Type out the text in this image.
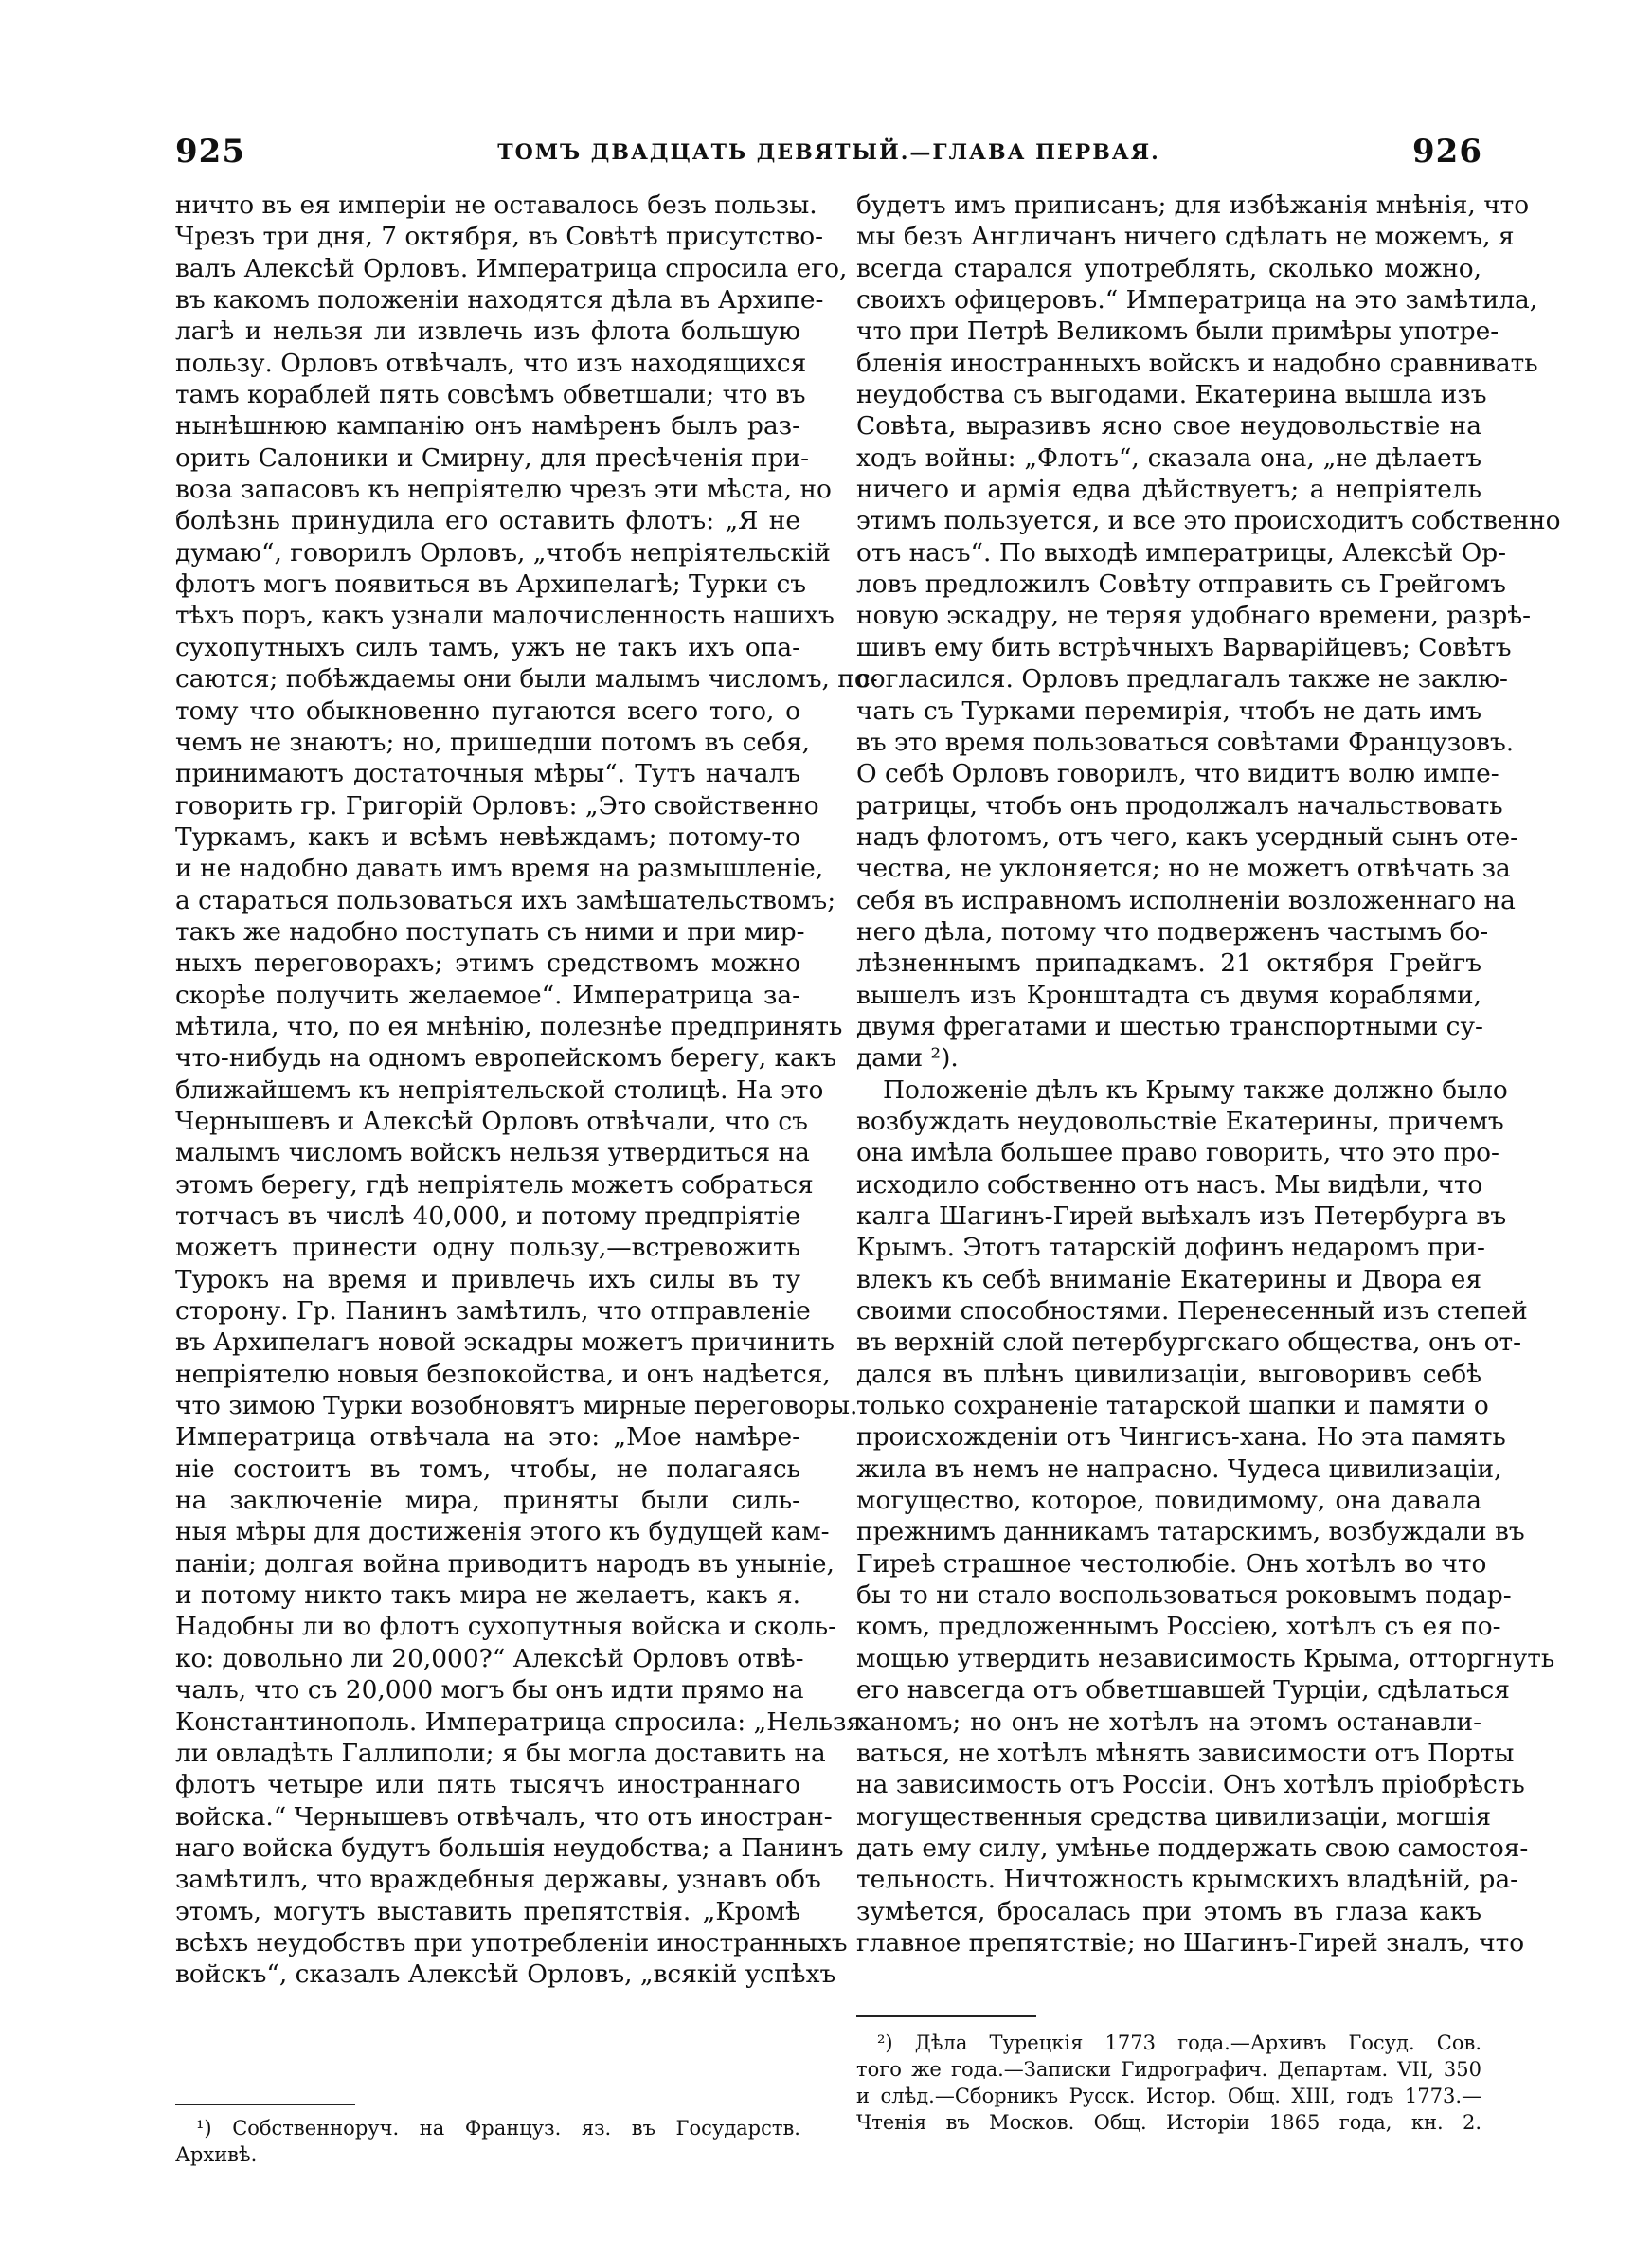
925	ТОМЪ ДВАДЦАТЬ ДЕВЯТЫЙ.—ГЛАВА ПЕРВАЯ.	926
ничто въ ея имперіи не оставалось безъ пользы.
Чрезъ три дня, 7 октября, въ Совѣтѣ присутство-
валъ Алексѣй Орловъ. Императрица спросила его,
въ какомъ положеніи находятся дѣла въ Архипе-
лагѣ и нельзя ли извлечь изъ флота большую
пользу. Орловъ отвѣчалъ, что изъ находящихся
тамъ кораблей пять совсѣмъ обветшали; что въ
нынѣшнюю кампанію онъ намѣренъ былъ раз-
орить Салоники и Смирну, для пресѣченія при-
воза запасовъ къ непріятелю чрезъ эти мѣста, но
болѣзнь принудила его оставить флотъ: „Я не
думаю“, говорилъ Орловъ, „чтобъ непріятельскій
флотъ могъ появиться въ Архипелагѣ; Турки съ
тѣхъ поръ, какъ узнали малочисленность нашихъ
сухопутныхъ силъ тамъ, ужъ не такъ ихъ опа-
саются; побѣждаемы они были малымъ числомъ, по-
тому что обыкновенно пугаются всего того, о
чемъ не знаютъ; но, пришедши потомъ въ себя,
принимаютъ достаточныя мѣры“. Тутъ началъ
говорить гр. Григорій Орловъ: „Это свойственно
Туркамъ, какъ и всѣмъ невѣждамъ; потому-то
и не надобно давать имъ время на размышленіе,
а стараться пользоваться ихъ замѣшательствомъ;
такъ же надобно поступать съ ними и при мир-
ныхъ переговорахъ; этимъ средствомъ можно
скорѣе получить желаемое“. Императрица за-
мѣтила, что, по ея мнѣнію, полезнѣе предпринять
что-нибудь на одномъ европейскомъ берегу, какъ
ближайшемъ къ непріятельской столицѣ. На это
Чернышевъ и Алексѣй Орловъ отвѣчали, что съ
малымъ числомъ войскъ нельзя утвердиться на
этомъ берегу, гдѣ непріятель можетъ собраться
тотчасъ въ числѣ 40,000, и потому предпріятіе
можетъ принести одну пользу,—встревожить
Турокъ на время и привлечь ихъ силы въ ту
сторону. Гр. Панинъ замѣтилъ, что отправленіе
въ Архипелагъ новой эскадры можетъ причинить
непріятелю новыя безпокойства, и онъ надѣется,
что зимою Турки возобновятъ мирные переговоры.
Императрица отвѣчала на это: „Мое намѣре-
ніе состоитъ въ томъ, чтобы, не полагаясь
на заключеніе мира, приняты были силь-
ныя мѣры для достиженія этого къ будущей кам-
паніи; долгая война приводитъ народъ въ уныніе,
и потому никто такъ мира не желаетъ, какъ я.
Надобны ли во флотъ сухопутныя войска и сколь-
ко: довольно ли 20,000?“ Алексѣй Орловъ отвѣ-
чалъ, что съ 20,000 могъ бы онъ идти прямо на
Константинополь. Императрица спросила: „Нельзя
ли овладѣть Галлиполи; я бы могла доставить на
флотъ четыре или пять тысячъ иностраннаго
войска.“ Чернышевъ отвѣчалъ, что отъ иностран-
наго войска будутъ большія неудобства; а Панинъ
замѣтилъ, что враждебныя державы, узнавъ объ
этомъ, могутъ выставить препятствія. „Кромѣ
всѣхъ неудобствъ при употребленіи иностранныхъ
войскъ“, сказалъ Алексѣй Орловъ, „всякій успѣхъ
будетъ имъ приписанъ; для избѣжанія мнѣнія, что
мы безъ Англичанъ ничего сдѣлать не можемъ, я
всегда старался употреблять, сколько можно,
своихъ офицеровъ.“ Императрица на это замѣтила,
что при Петрѣ Великомъ были примѣры употре-
бленія иностранныхъ войскъ и надобно сравнивать
неудобства съ выгодами. Екатерина вышла изъ
Совѣта, выразивъ ясно свое неудовольствіе на
ходъ войны: „Флотъ“, сказала она, „не дѣлаетъ
ничего и армія едва дѣйствуетъ; а непріятель
этимъ пользуется, и все это происходитъ собственно
отъ насъ“. По выходѣ императрицы, Алексѣй Ор-
ловъ предложилъ Совѣту отправить съ Грейгомъ
новую эскадру, не теряя удобнаго времени, разрѣ-
шивъ ему бить встрѣчныхъ Варварійцевъ; Совѣтъ
согласился. Орловъ предлагалъ также не заклю-
чать съ Турками перемирія, чтобъ не дать имъ
въ это время пользоваться совѣтами Французовъ.
О себѣ Орловъ говорилъ, что видитъ волю импе-
ратрицы, чтобъ онъ продолжалъ начальствовать
надъ флотомъ, отъ чего, какъ усердный сынъ оте-
чества, не уклоняется; но не можетъ отвѣчать за
себя въ исправномъ исполненіи возложеннаго на
него дѣла, потому что подверженъ частымъ бо-
лѣзненнымъ припадкамъ. 21 октября Грейгъ
вышелъ изъ Кронштадта съ двумя кораблями,
двумя фрегатами и шестью транспортными су-
дами ²).
Положеніе дѣлъ къ Крыму также должно было
возбуждать неудовольствіе Екатерины, причемъ
она имѣла большее право говорить, что это про-
исходило собственно отъ насъ. Мы видѣли, что
калга Шагинъ-Гирей выѣхалъ изъ Петербурга въ
Крымъ. Этотъ татарскій дофинъ недаромъ при-
влекъ къ себѣ вниманіе Екатерины и Двора ея
своими способностями. Перенесенный изъ степей
въ верхній слой петербургскаго общества, онъ от-
дался въ плѣнъ цивилизаціи, выговоривъ себѣ
только сохраненіе татарской шапки и памяти о
происхожденіи отъ Чингисъ-хана. Но эта память
жила въ немъ не напрасно. Чудеса цивилизаціи,
могущество, которое, повидимому, она давала
прежнимъ данникамъ татарскимъ, возбуждали въ
Гиреѣ страшное честолюбіе. Онъ хотѣлъ во что
бы то ни стало воспользоваться роковымъ подар-
комъ, предложеннымъ Россіею, хотѣлъ съ ея по-
мощью утвердить независимость Крыма, отторгнуть
его навсегда отъ обветшавшей Турціи, сдѣлаться
ханомъ; но онъ не хотѣлъ на этомъ останавли-
ваться, не хотѣлъ мѣнять зависимости отъ Порты
на зависимость отъ Россіи. Онъ хотѣлъ пріобрѣсть
могущественныя средства цивилизаціи, могшія
дать ему силу, умѣнье поддержать свою самостоя-
тельность. Ничтожность крымскихъ владѣній, ра-
зумѣется, бросалась при этомъ въ глаза какъ
главное препятствіе; но Шагинъ-Гирей зналъ, что
¹) Собственноруч. на Француз. яз. въ Государств.
Архивѣ.
²) Дѣла Турецкія 1773 года.—Архивъ Госуд. Сов.
того же года.—Записки Гидрографич. Департам. VII, 350
и слѣд.—Сборникъ Русск. Истор. Общ. XIII, годъ 1773.—
Чтенія въ Москов. Общ. Исторіи 1865 года, кн. 2.
